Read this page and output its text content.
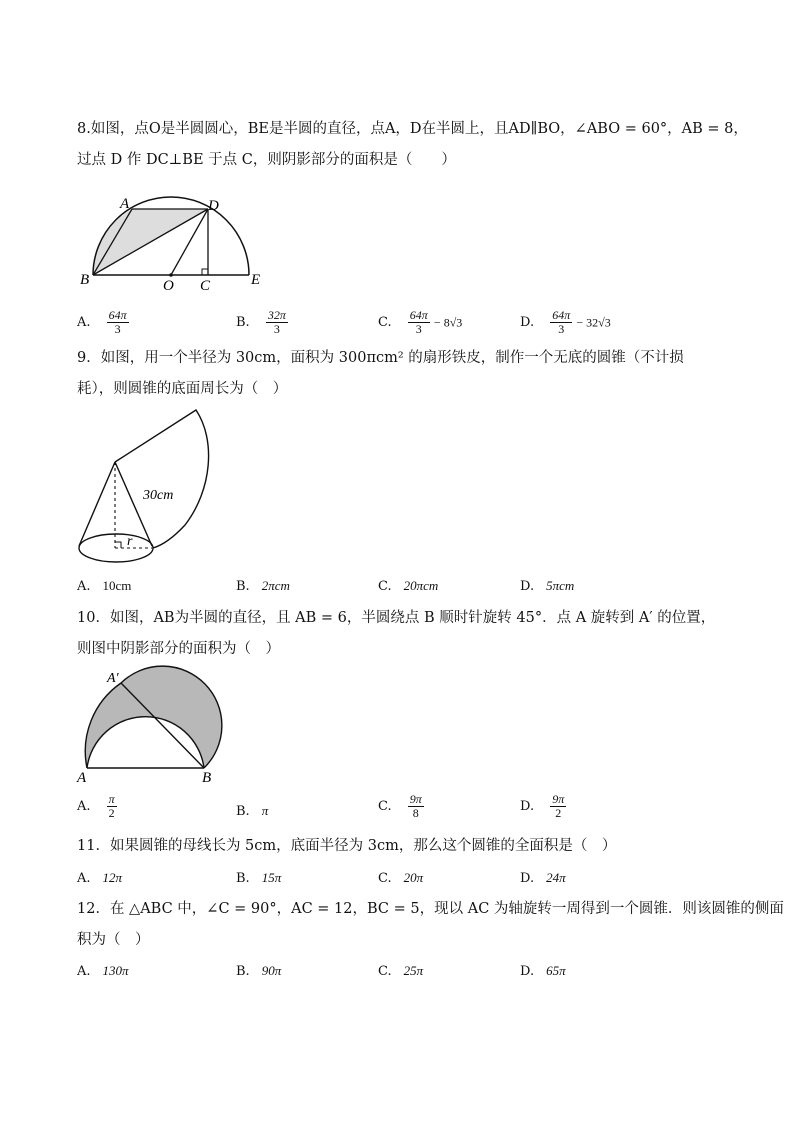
8.如图，点O是半圆圆心，BE是半圆的直径，点A，D在半圆上，且AD∥BO，∠ABO = 60°，AB = 8，
过点 D 作 DC⊥BE 于点 C，则阴影部分的面积是（　　）
A	D
B	O C	E
A. $\frac{64\pi}{3}$	B. $\frac{32\pi}{3}$	C. $\frac{64\pi}{3} - 8√3$	D. $\frac{64\pi}{3} - 32√3$
9．如图，用一个半径为 30cm，面积为 300πcm² 的扇形铁皮，制作一个无底的圆锥（不计损
耗），则圆锥的底面周长为（　）
30cm
r
A. 10cm	B. 2πcm	C. 20πcm	D. 5πcm
10．如图，AB为半圆的直径，且 AB = 6，半圆绕点 B 顺时针旋转 45°．点 A 旋转到 A′ 的位置，
则图中阴影部分的面积为（　）
A′
A	B
A. $\frac{\pi}{2}$	B. π	C. $\frac{9\pi}{8}$	D. $\frac{9\pi}{2}$
11．如果圆锥的母线长为 5cm，底面半径为 3cm，那么这个圆锥的全面积是（　）
A. 12π	B. 15π	C. 20π	D. 24π
12．在 △ABC 中，∠C = 90°，AC = 12，BC = 5，现以 AC 为轴旋转一周得到一个圆锥．则该圆锥的侧面
积为（　）
A. 130π	B. 90π	C. 25π	D. 65π
